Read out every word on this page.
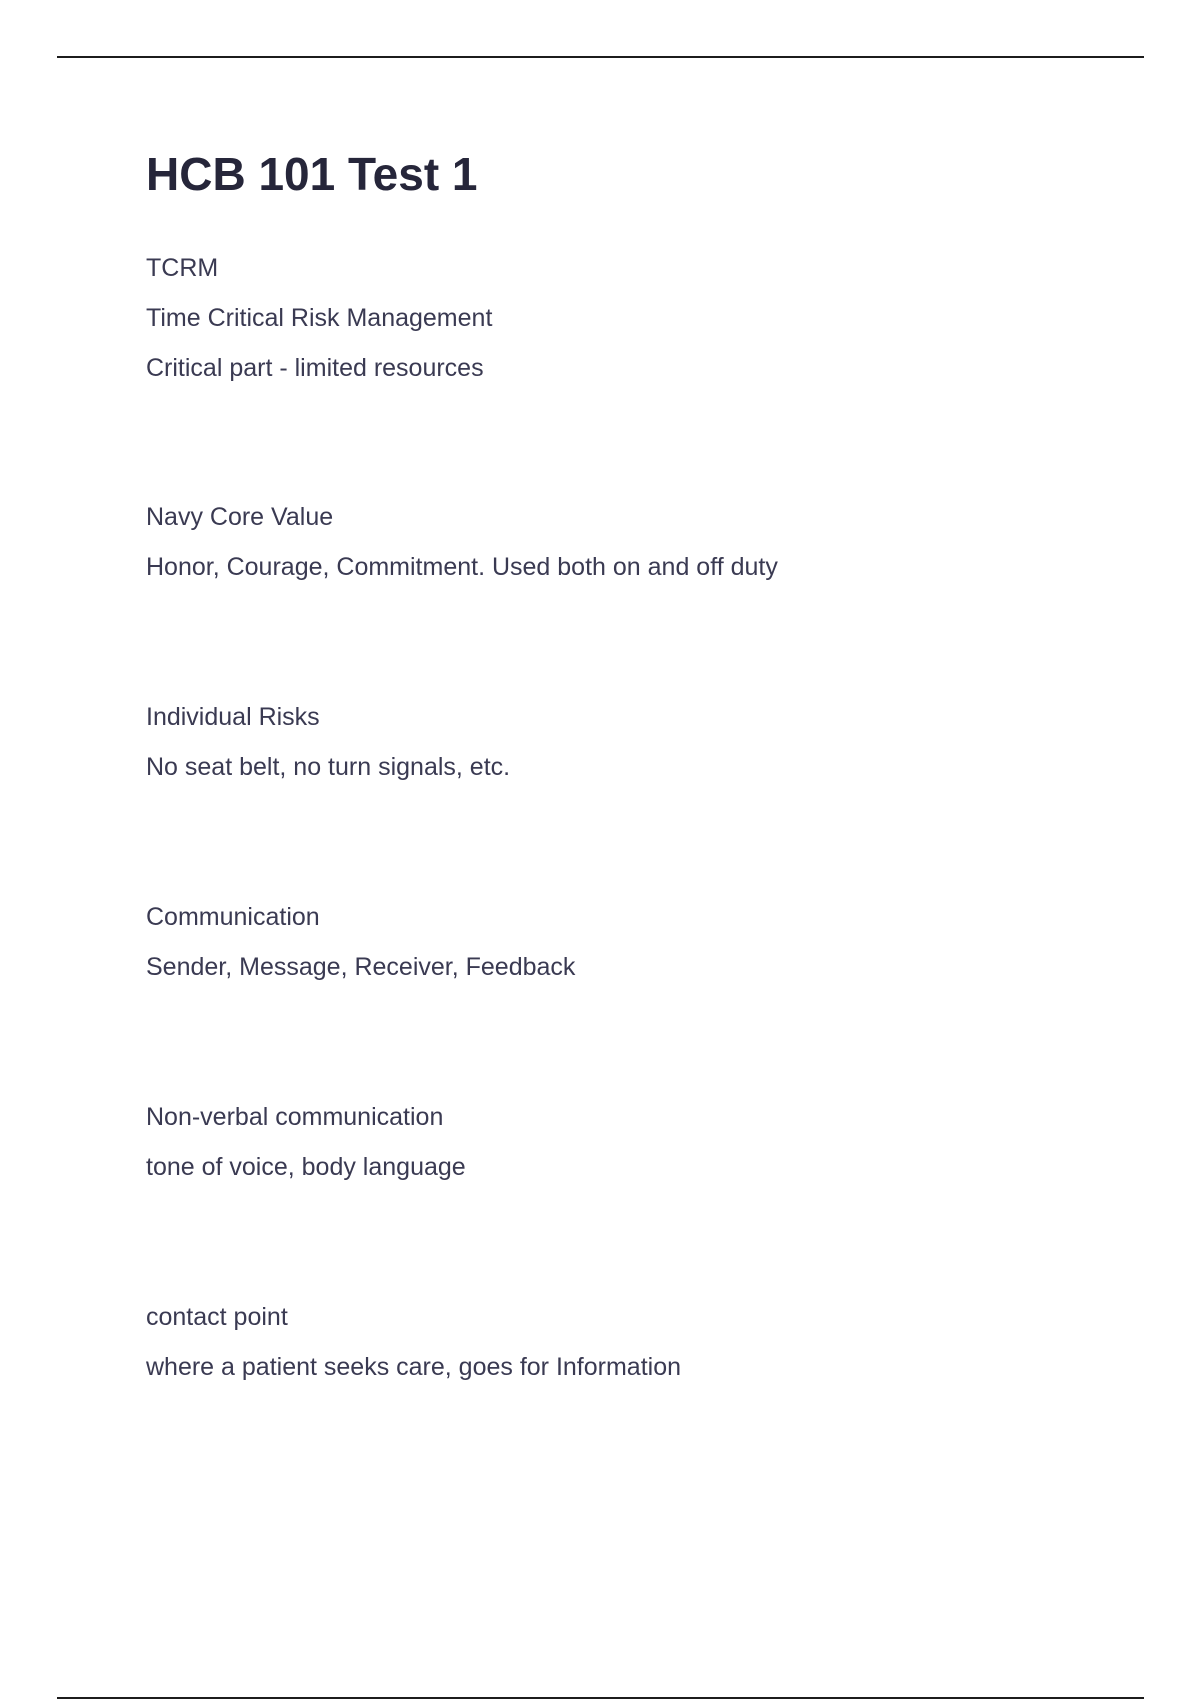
HCB 101 Test 1
TCRM
Time Critical Risk Management
Critical part - limited resources
Navy Core Value
Honor, Courage, Commitment. Used both on and off duty
Individual Risks
No seat belt, no turn signals, etc.
Communication
Sender, Message, Receiver, Feedback
Non-verbal communication
tone of voice, body language
contact point
where a patient seeks care, goes for Information
